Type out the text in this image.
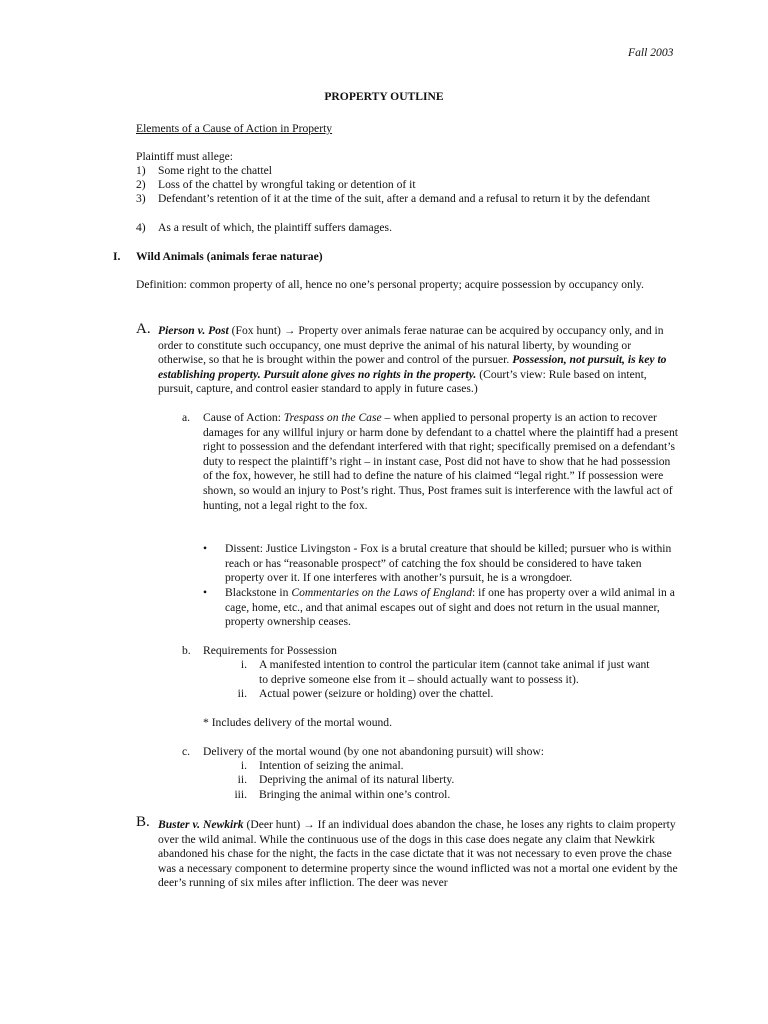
Fall 2003
PROPERTY OUTLINE
Elements of a Cause of Action in Property
Plaintiff must allege:
1) Some right to the chattel
2) Loss of the chattel by wrongful taking or detention of it
3) Defendant’s retention of it at the time of the suit, after a demand and a refusal to return it by the defendant
4) As a result of which, the plaintiff suffers damages.
I. Wild Animals (animals ferae naturae)
Definition: common property of all, hence no one’s personal property; acquire possession by occupancy only.
A. Pierson v. Post (Fox hunt) → Property over animals ferae naturae can be acquired by occupancy only, and in order to constitute such occupancy, one must deprive the animal of his natural liberty, by wounding or otherwise, so that he is brought within the power and control of the pursuer. Possession, not pursuit, is key to establishing property. Pursuit alone gives no rights in the property. (Court’s view: Rule based on intent, pursuit, capture, and control easier standard to apply in future cases.)
a. Cause of Action: Trespass on the Case – when applied to personal property is an action to recover damages for any willful injury or harm done by defendant to a chattel where the plaintiff had a present right to possession and the defendant interfered with that right; specifically premised on a defendant’s duty to respect the plaintiff’s right – in instant case, Post did not have to show that he had possession of the fox, however, he still had to define the nature of his claimed “legal right.” If possession were shown, so would an injury to Post’s right. Thus, Post frames suit is interference with the lawful act of hunting, not a legal right to the fox.
• Dissent: Justice Livingston - Fox is a brutal creature that should be killed; pursuer who is within reach or has “reasonable prospect” of catching the fox should be considered to have taken property over it. If one interferes with another’s pursuit, he is a wrongdoer.
• Blackstone in Commentaries on the Laws of England: if one has property over a wild animal in a cage, home, etc., and that animal escapes out of sight and does not return in the usual manner, property ownership ceases.
b. Requirements for Possession
i. A manifested intention to control the particular item (cannot take animal if just want to deprive someone else from it – should actually want to possess it).
ii. Actual power (seizure or holding) over the chattel.
* Includes delivery of the mortal wound.
c. Delivery of the mortal wound (by one not abandoning pursuit) will show:
i. Intention of seizing the animal.
ii. Depriving the animal of its natural liberty.
iii. Bringing the animal within one’s control.
B. Buster v. Newkirk (Deer hunt) → If an individual does abandon the chase, he loses any rights to claim property over the wild animal. While the continuous use of the dogs in this case does negate any claim that Newkirk abandoned his chase for the night, the facts in the case dictate that it was not necessary to even prove the chase was a necessary component to determine property since the wound inflicted was not a mortal one evident by the deer’s running of six miles after infliction. The deer was never
